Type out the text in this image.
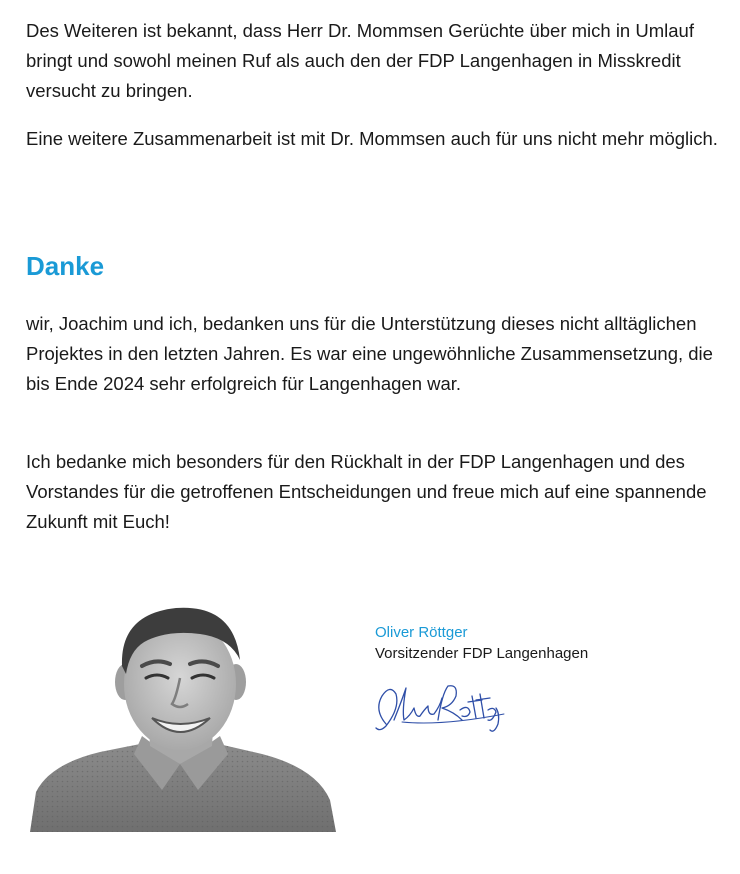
Des Weiteren ist bekannt, dass Herr Dr. Mommsen Gerüchte über mich in Umlauf bringt und sowohl meinen Ruf als auch den der FDP Langenhagen in Misskredit versucht zu bringen.

Eine weitere Zusammenarbeit ist mit Dr. Mommsen auch für uns nicht mehr möglich.

Danke

wir, Joachim und ich, bedanken uns für die Unterstützung dieses nicht alltäglichen Projektes in den letzten Jahren. Es war eine ungewöhnliche Zusammensetzung, die bis Ende 2024 sehr erfolgreich für Langenhagen war.

Ich bedanke mich besonders für den Rückhalt in der FDP Langenhagen und des Vorstandes für die getroffenen Entscheidungen und freue mich auf eine spannende Zukunft mit Euch!

Oliver Röttger

Vorsitzender FDP Langenhagen
